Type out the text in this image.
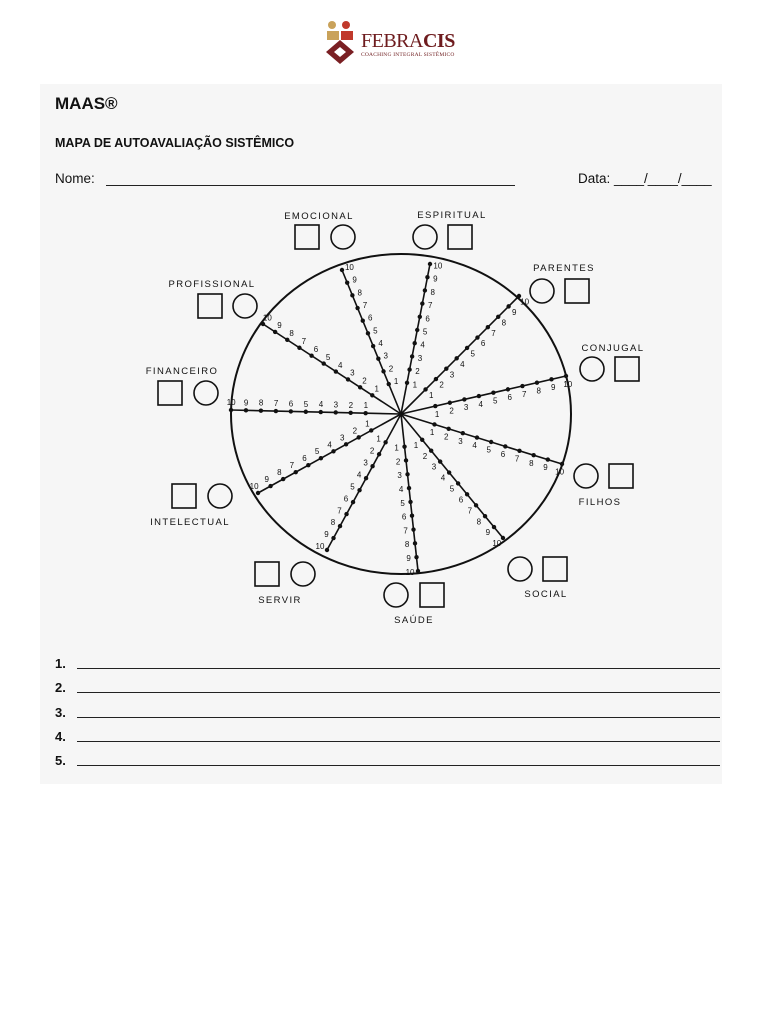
FEBRACIS
COACHING INTEGRAL SISTÊMICO
MAAS®
MAPA DE AUTOAVALIAÇÃO SISTÊMICO
Nome:	Data: ____/____/____
1
2
3
4
5
6
7
8
9
10
EMOCIONAL
1
2
3
4
5
6
7
8
9
10
ESPIRITUAL
1
2
3
4
5
6
7
8
9
10
PARENTES
1 2 3 4 5 6 7 8 9 10
CONJUGAL
1 2 3 4 5 6 7 8 9 10
FILHOS
1
2
3
4
5
6
7
8
9
10
SOCIAL
1
2
3
4
5
6
7
8
9
10
SAÚDE
1
2
3
4
5
6
7
8
9
10
SERVIR
1
2
3
4
5
6
7
8
9
10
INTELECTUAL
1
2
3
4
5
6
7
8
9
10
FINANCEIRO
1
2
3
4
5
6
7
8
9
10
PROFISSIONAL
1.
2.
3.
4.
5.
